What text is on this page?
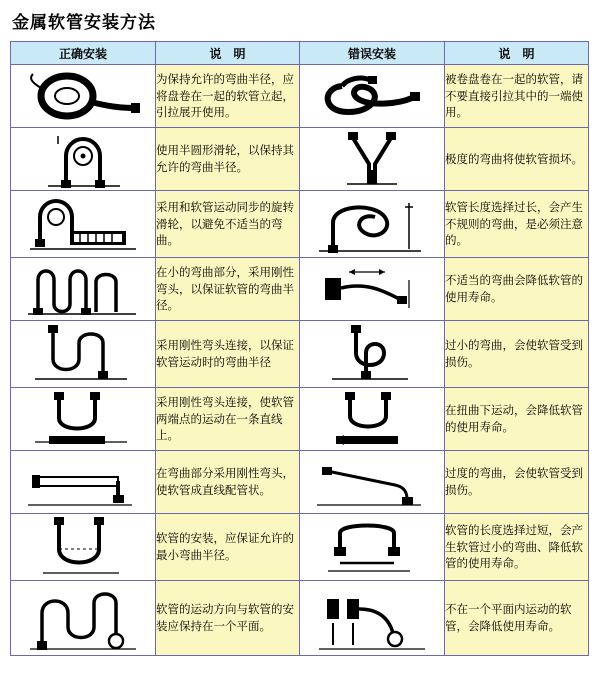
金属软管安装方法
正确安装	说　明	错误安装	说　明

	为保持允许的弯曲半径，应将盘卷在一起的软管立起，引拉展开使用。		被卷盘卷在一起的软管，请不要直接引拉其中的一端使用。

	使用半圆形滑轮，以保持其允许的弯曲半径。		极度的弯曲将使软管损坏。

	采用和软管运动同步的旋转滑轮，以避免不适当的弯曲。		软管长度选择过长，会产生不规则的弯曲，是必须注意的。

	在小的弯曲部分，采用刚性弯头，以保证软管的弯曲半径。		不适当的弯曲会降低软管的使用寿命。

	采用刚性弯头连接，以保证软管运动时的弯曲半径		过小的弯曲，会使软管受到损伤。

	采用刚性弯头连接，使软管两端点的运动在一条直线上。		在扭曲下运动，会降低软管的使用寿命。

	在弯曲部分采用刚性弯头，使软管成直线配管状。		过度的弯曲，会使软管受到损伤。

	软管的安装，应保证允许的最小弯曲半径。		软管的长度选择过短，会产生软管过小的弯曲、降低软管的使用寿命。

	软管的运动方向与软管的安装应保持在一个平面。		不在一个平面内运动的软管，会降低使用寿命。
